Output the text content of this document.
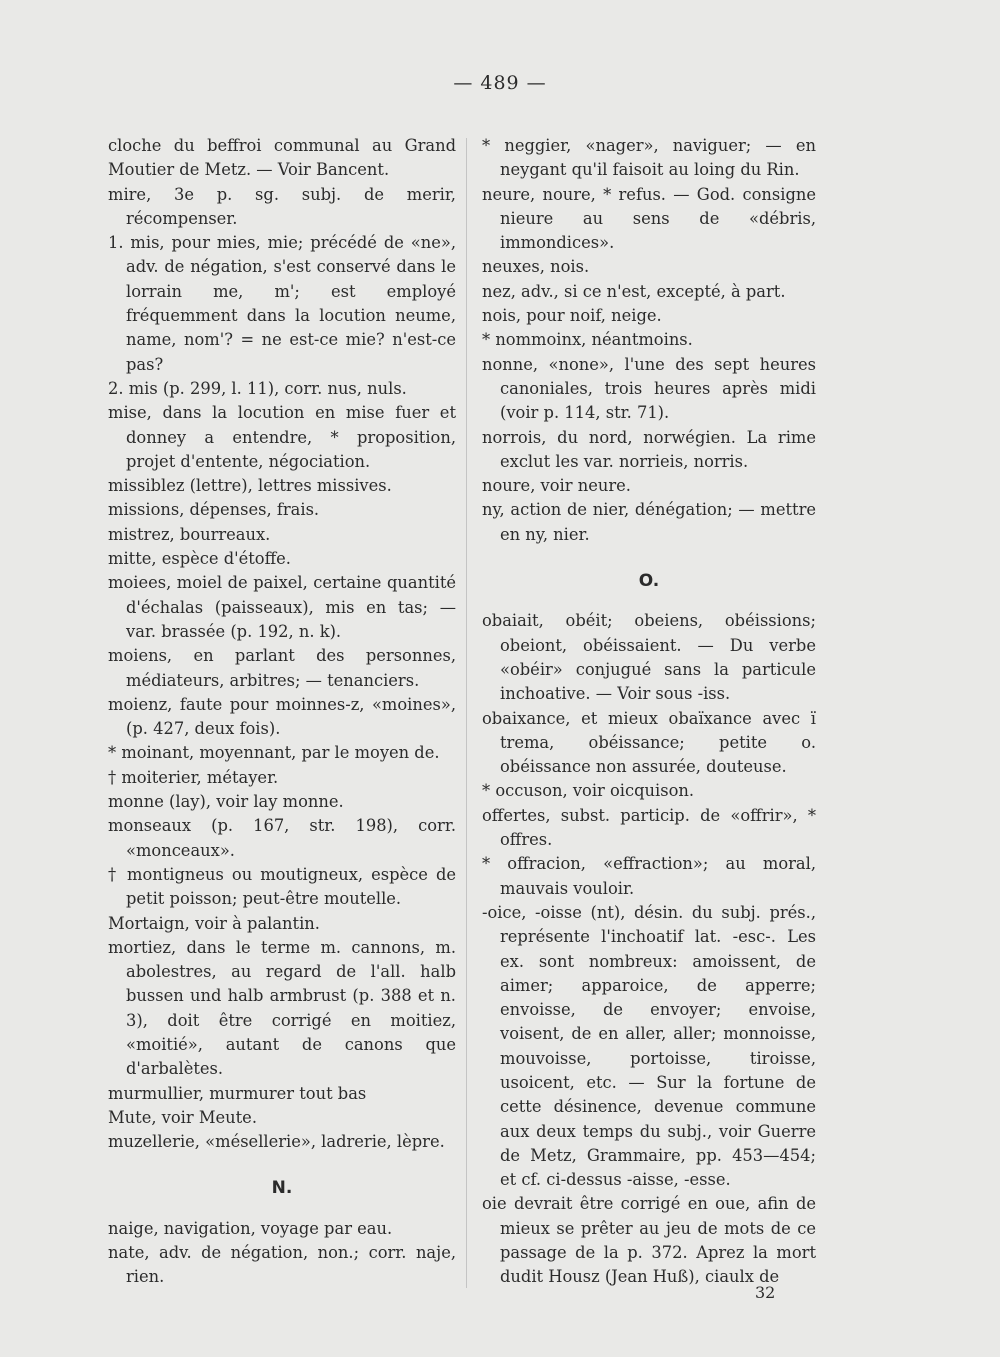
— 489 —

cloche du beffroi communal au Grand Moutier de Metz. — Voir Bancent.

mire, 3e p. sg. subj. de merir, récompenser.

1. mis, pour mies, mie; précédé de «ne», adv. de négation, s'est conservé dans le lorrain me, m'; est employé fréquemment dans la locution neume, name, nom'? = ne est-ce mie? n'est-ce pas?

2. mis (p. 299, l. 11), corr. nus, nuls.

mise, dans la locution en mise fuer et donney a entendre, * proposition, projet d'entente, négociation.

missiblez (lettre), lettres missives.

missions, dépenses, frais.

mistrez, bourreaux.

mitte, espèce d'étoffe.

moiees, moiel de paixel, certaine quantité d'échalas (paisseaux), mis en tas; — var. brassée (p. 192, n. k).

moiens, en parlant des personnes, médiateurs, arbitres; — tenanciers.

moienz, faute pour moinnes-z, «moines», (p. 427, deux fois).

* moinant, moyennant, par le moyen de.

† moiterier, métayer.

monne (lay), voir lay monne.

monseaux (p. 167, str. 198), corr. «monceaux».

† montigneus ou moutigneux, espèce de petit poisson; peut-être moutelle.

Mortaign, voir à palantin.

mortiez, dans le terme m. cannons, m. abolestres, au regard de l'all. halb bussen und halb armbrust (p. 388 et n. 3), doit être corrigé en moitiez, «moitié», autant de canons que d'arbalètes.

murmullier, murmurer tout bas

Mute, voir Meute.

muzellerie, «mésellerie», ladrerie, lèpre.

N.

naige, navigation, voyage par eau.

nate, adv. de négation, non.; corr. naje, rien.

* neggier, «nager», naviguer; — en neygant qu'il faisoit au loing du Rin.

neure, noure, * refus. — God. consigne nieure au sens de «débris, immondices».

neuxes, nois.

nez, adv., si ce n'est, excepté, à part.

nois, pour noif, neige.

* nommoinx, néantmoins.

nonne, «none», l'une des sept heures canoniales, trois heures après midi (voir p. 114, str. 71).

norrois, du nord, norwégien. La rime exclut les var. norrieis, norris.

noure, voir neure.

ny, action de nier, dénégation; — mettre en ny, nier.

O.

obaiait, obéit; obeiens, obéissions; obeiont, obéissaient. — Du verbe «obéir» conjugué sans la particule inchoative. — Voir sous -iss.

obaixance, et mieux obaïxance avec ï trema, obéissance; petite o. obéissance non assurée, douteuse.

* occuson, voir oicquison.

offertes, subst. particip. de «offrir», * offres.

* offracion, «effraction»; au moral, mauvais vouloir.

-oice, -oisse (nt), désin. du subj. prés., représente l'inchoatif lat. -esc-. Les ex. sont nombreux: amoissent, de aimer; apparoice, de apperre; envoisse, de envoyer; envoise, voisent, de en aller, aller; monnoisse, mouvoisse, portoisse, tiroisse, usoicent, etc. — Sur la fortune de cette désinence, devenue commune aux deux temps du subj., voir Guerre de Metz, Grammaire, pp. 453—454; et cf. ci-dessus -aisse, -esse.

oie devrait être corrigé en oue, afin de mieux se prêter au jeu de mots de ce passage de la p. 372. Aprez la mort dudit Housz (Jean Huß), ciaulx de

32
